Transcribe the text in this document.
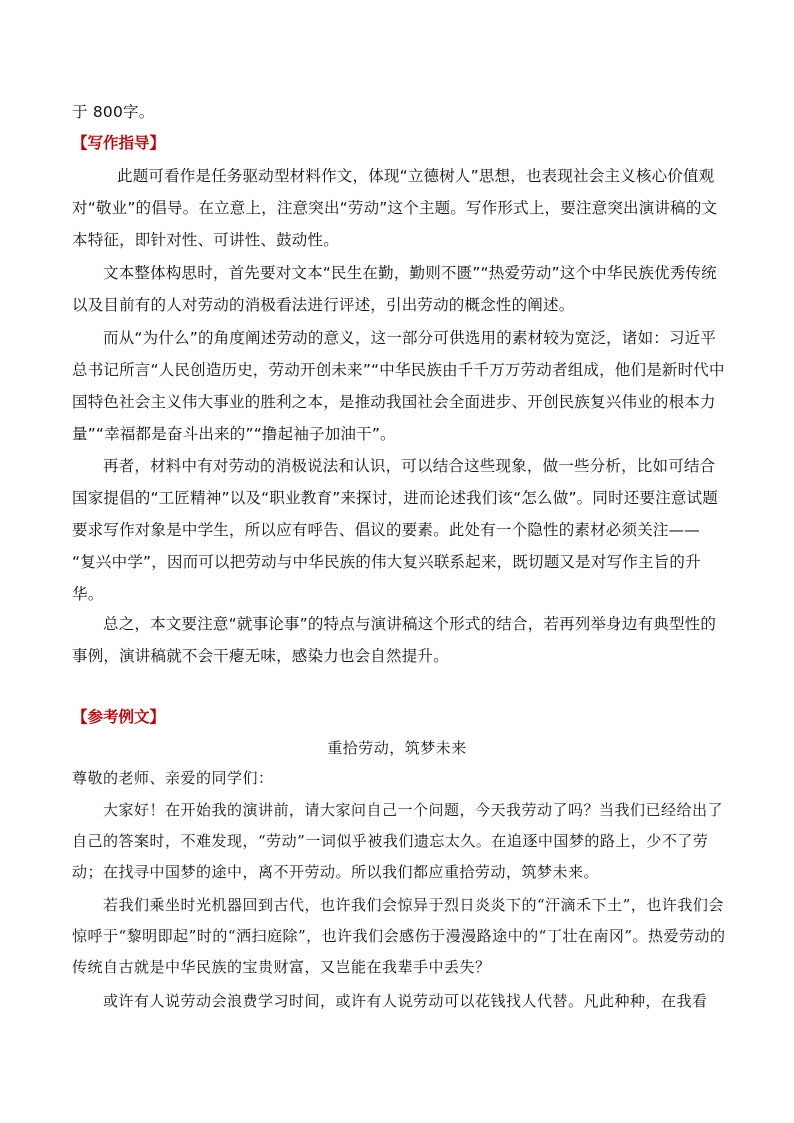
于 800字。

【写作指导】

此题可看作是任务驱动型材料作文，体现“立德树人”思想，也表现社会主义核心价值观对“敬业”的倡导。在立意上，注意突出“劳动”这个主题。写作形式上，要注意突出演讲稿的文本特征，即针对性、可讲性、鼓动性。

文本整体构思时，首先要对文本“民生在勤，勤则不匮”“热爱劳动”这个中华民族优秀传统以及目前有的人对劳动的消极看法进行评述，引出劳动的概念性的阐述。

而从“为什么”的角度阐述劳动的意义，这一部分可供选用的素材较为宽泛，诸如：习近平总书记所言“人民创造历史，劳动开创未来”“中华民族由千千万万劳动者组成，他们是新时代中国特色社会主义伟大事业的胜利之本，是推动我国社会全面进步、开创民族复兴伟业的根本力量”“幸福都是奋斗出来的”“撸起袖子加油干”。

再者，材料中有对劳动的消极说法和认识，可以结合这些现象，做一些分析，比如可结合国家提倡的“工匠精神”以及“职业教育”来探讨，进而论述我们该“怎么做”。同时还要注意试题要求写作对象是中学生，所以应有呼告、倡议的要素。此处有一个隐性的素材必须关注—— “复兴中学”，因而可以把劳动与中华民族的伟大复兴联系起来，既切题又是对写作主旨的升华。

总之，本文要注意“就事论事”的特点与演讲稿这个形式的结合，若再列举身边有典型性的事例，演讲稿就不会干瘪无味，感染力也会自然提升。

【参考例文】

重拾劳动，筑梦未来

尊敬的老师、亲爱的同学们：

大家好！在开始我的演讲前，请大家问自己一个问题，今天我劳动了吗？当我们已经给出了自己的答案时，不难发现，“劳动”一词似乎被我们遗忘太久。在追逐中国梦的路上，少不了劳动；在找寻中国梦的途中，离不开劳动。所以我们都应重拾劳动，筑梦未来。

若我们乘坐时光机器回到古代，也许我们会惊异于烈日炎炎下的“汗滴禾下土”，也许我们会惊呼于“黎明即起”时的“洒扫庭除”，也许我们会感伤于漫漫路途中的“丁壮在南冈”。热爱劳动的传统自古就是中华民族的宝贵财富，又岂能在我辈手中丢失？

或许有人说劳动会浪费学习时间，或许有人说劳动可以花钱找人代替。凡此种种，在我看
